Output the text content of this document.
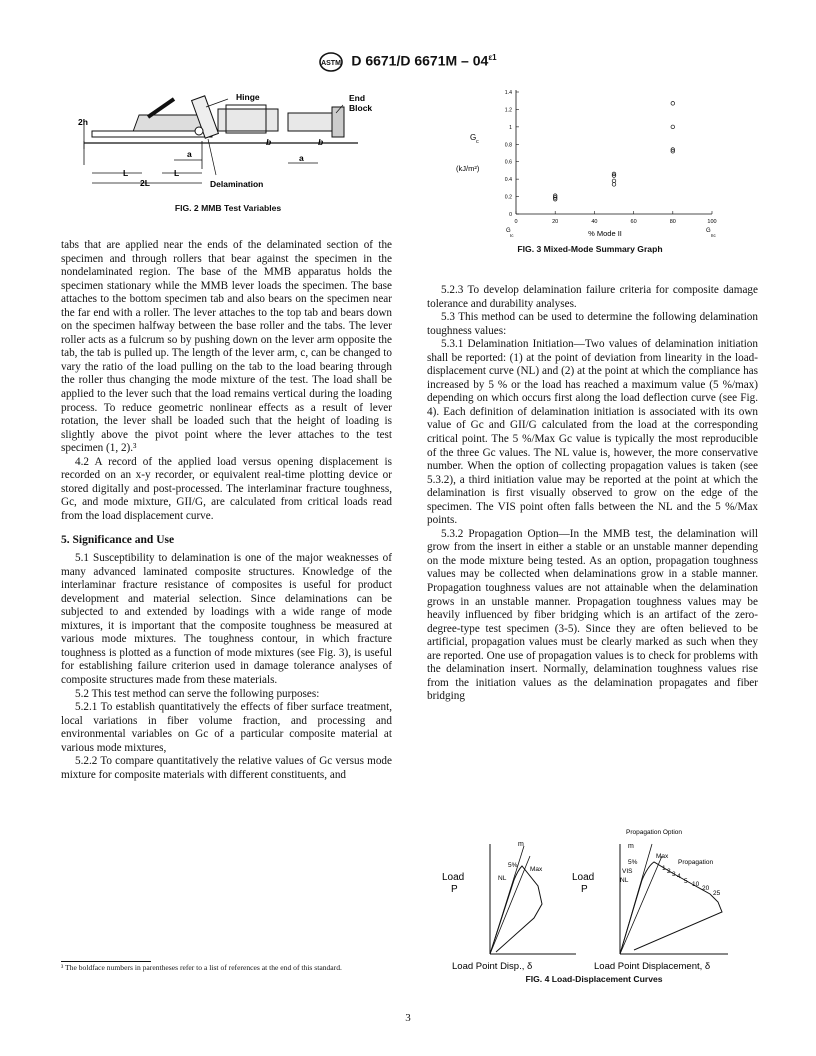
ASTM D 6671/D $6671M - 04^{\varepsilon 1}$
Hinge	End
Block
2h
a	a
b	b
L	L
2L	Delamination
FIG. 2 MMB Test Variables
0
0.2
0.4
0.6
0.8
1
1.2
1.4
0	20	40	60	80	100
G c
(kJ/m²)
% Mode II
G
Ic
G
IIc
FIG. 3 Mixed-Mode Summary Graph

tabs that are applied near the ends of the delaminated section of the specimen and through rollers that bear against the specimen in the nondelaminated region. The base of the MMB apparatus holds the specimen stationary while the MMB lever loads the specimen. The base attaches to the bottom specimen tab and also bears on the specimen near the far end with a roller. The lever attaches to the top tab and bears down on the specimen halfway between the base roller and the tabs. The lever roller acts as a fulcrum so by pushing down on the lever arm opposite the tab, the tab is pulled up. The length of the lever arm, c, can be changed to vary the ratio of the load pulling on the tab to the load bearing through the roller thus changing the mode mixture of the test. The load shall be applied to the lever such that the load remains vertical during the loading process. To reduce geometric nonlinear effects as a result of lever rotation, the lever shall be loaded such that the height of loading is slightly above the pivot point where the lever attaches to the test specimen (1, 2).³

4.2 A record of the applied load versus opening displacement is recorded on an x-y recorder, or equivalent real-time plotting device or stored digitally and post-processed. The interlaminar fracture toughness, Gc, and mode mixture, GII/G, are calculated from critical loads read from the load displacement curve.

5. Significance and Use

5.1 Susceptibility to delamination is one of the major weaknesses of many advanced laminated composite structures. Knowledge of the interlaminar fracture resistance of composites is useful for product development and material selection. Since delaminations can be subjected to and extended by loadings with a wide range of mode mixtures, it is important that the composite toughness be measured at various mode mixtures. The toughness contour, in which fracture toughness is plotted as a function of mode mixtures (see Fig. 3), is useful for establishing failure criterion used in damage tolerance analyses of composite structures made from these materials.

5.2 This test method can serve the following purposes:

5.2.1 To establish quantitatively the effects of fiber surface treatment, local variations in fiber volume fraction, and processing and environmental variables on Gc of a particular composite material at various mode mixtures,

5.2.2 To compare quantitatively the relative values of Gc versus mode mixture for composite materials with different constituents, and

³ The boldface numbers in parentheses refer to a list of references at the end of this standard.

5.2.3 To develop delamination failure criteria for composite damage tolerance and durability analyses.

5.3 This method can be used to determine the following delamination toughness values:

5.3.1 Delamination Initiation—Two values of delamination initiation shall be reported: (1) at the point of deviation from linearity in the load-displacement curve (NL) and (2) at the point at which the compliance has increased by 5 % or the load has reached a maximum value (5 %/max) depending on which occurs first along the load deflection curve (see Fig. 4). Each definition of delamination initiation is associated with its own value of Gc and GII/G calculated from the load at the corresponding critical point. The 5 %/Max Gc value is typically the most reproducible of the three Gc values. The NL value is, however, the more conservative number. When the option of collecting propagation values is taken (see 5.3.2), a third initiation value may be reported at the point at which the delamination is first visually observed to grow on the edge of the specimen. The VIS point often falls between the NL and the 5 %/Max points.

5.3.2 Propagation Option—In the MMB test, the delamination will grow from the insert in either a stable or an unstable manner depending on the mode mixture being tested. As an option, propagation toughness values may be collected when delaminations grow in a stable manner. Propagation toughness values are not attainable when the delamination grows in an unstable manner. Propagation toughness values may be heavily influenced by fiber bridging which is an artifact of the zero-degree-type test specimen (3-5). Since they are often believed to be artificial, propagation values must be clearly marked as such when they are reported. One use of propagation values is to check for problems with the delamination insert. Normally, delamination toughness values rise from the initiation values as the delamination propagates and fiber bridging

Load
P
m
5%
Max
NL
Load Point Disp., δ
Propagation Option
Load
P
m
5%
Max
VIS
NL
Propagation
1 2 3 4
5 10
20
25
Load Point Displacement, δ
FIG. 4 Load-Displacement Curves
3
